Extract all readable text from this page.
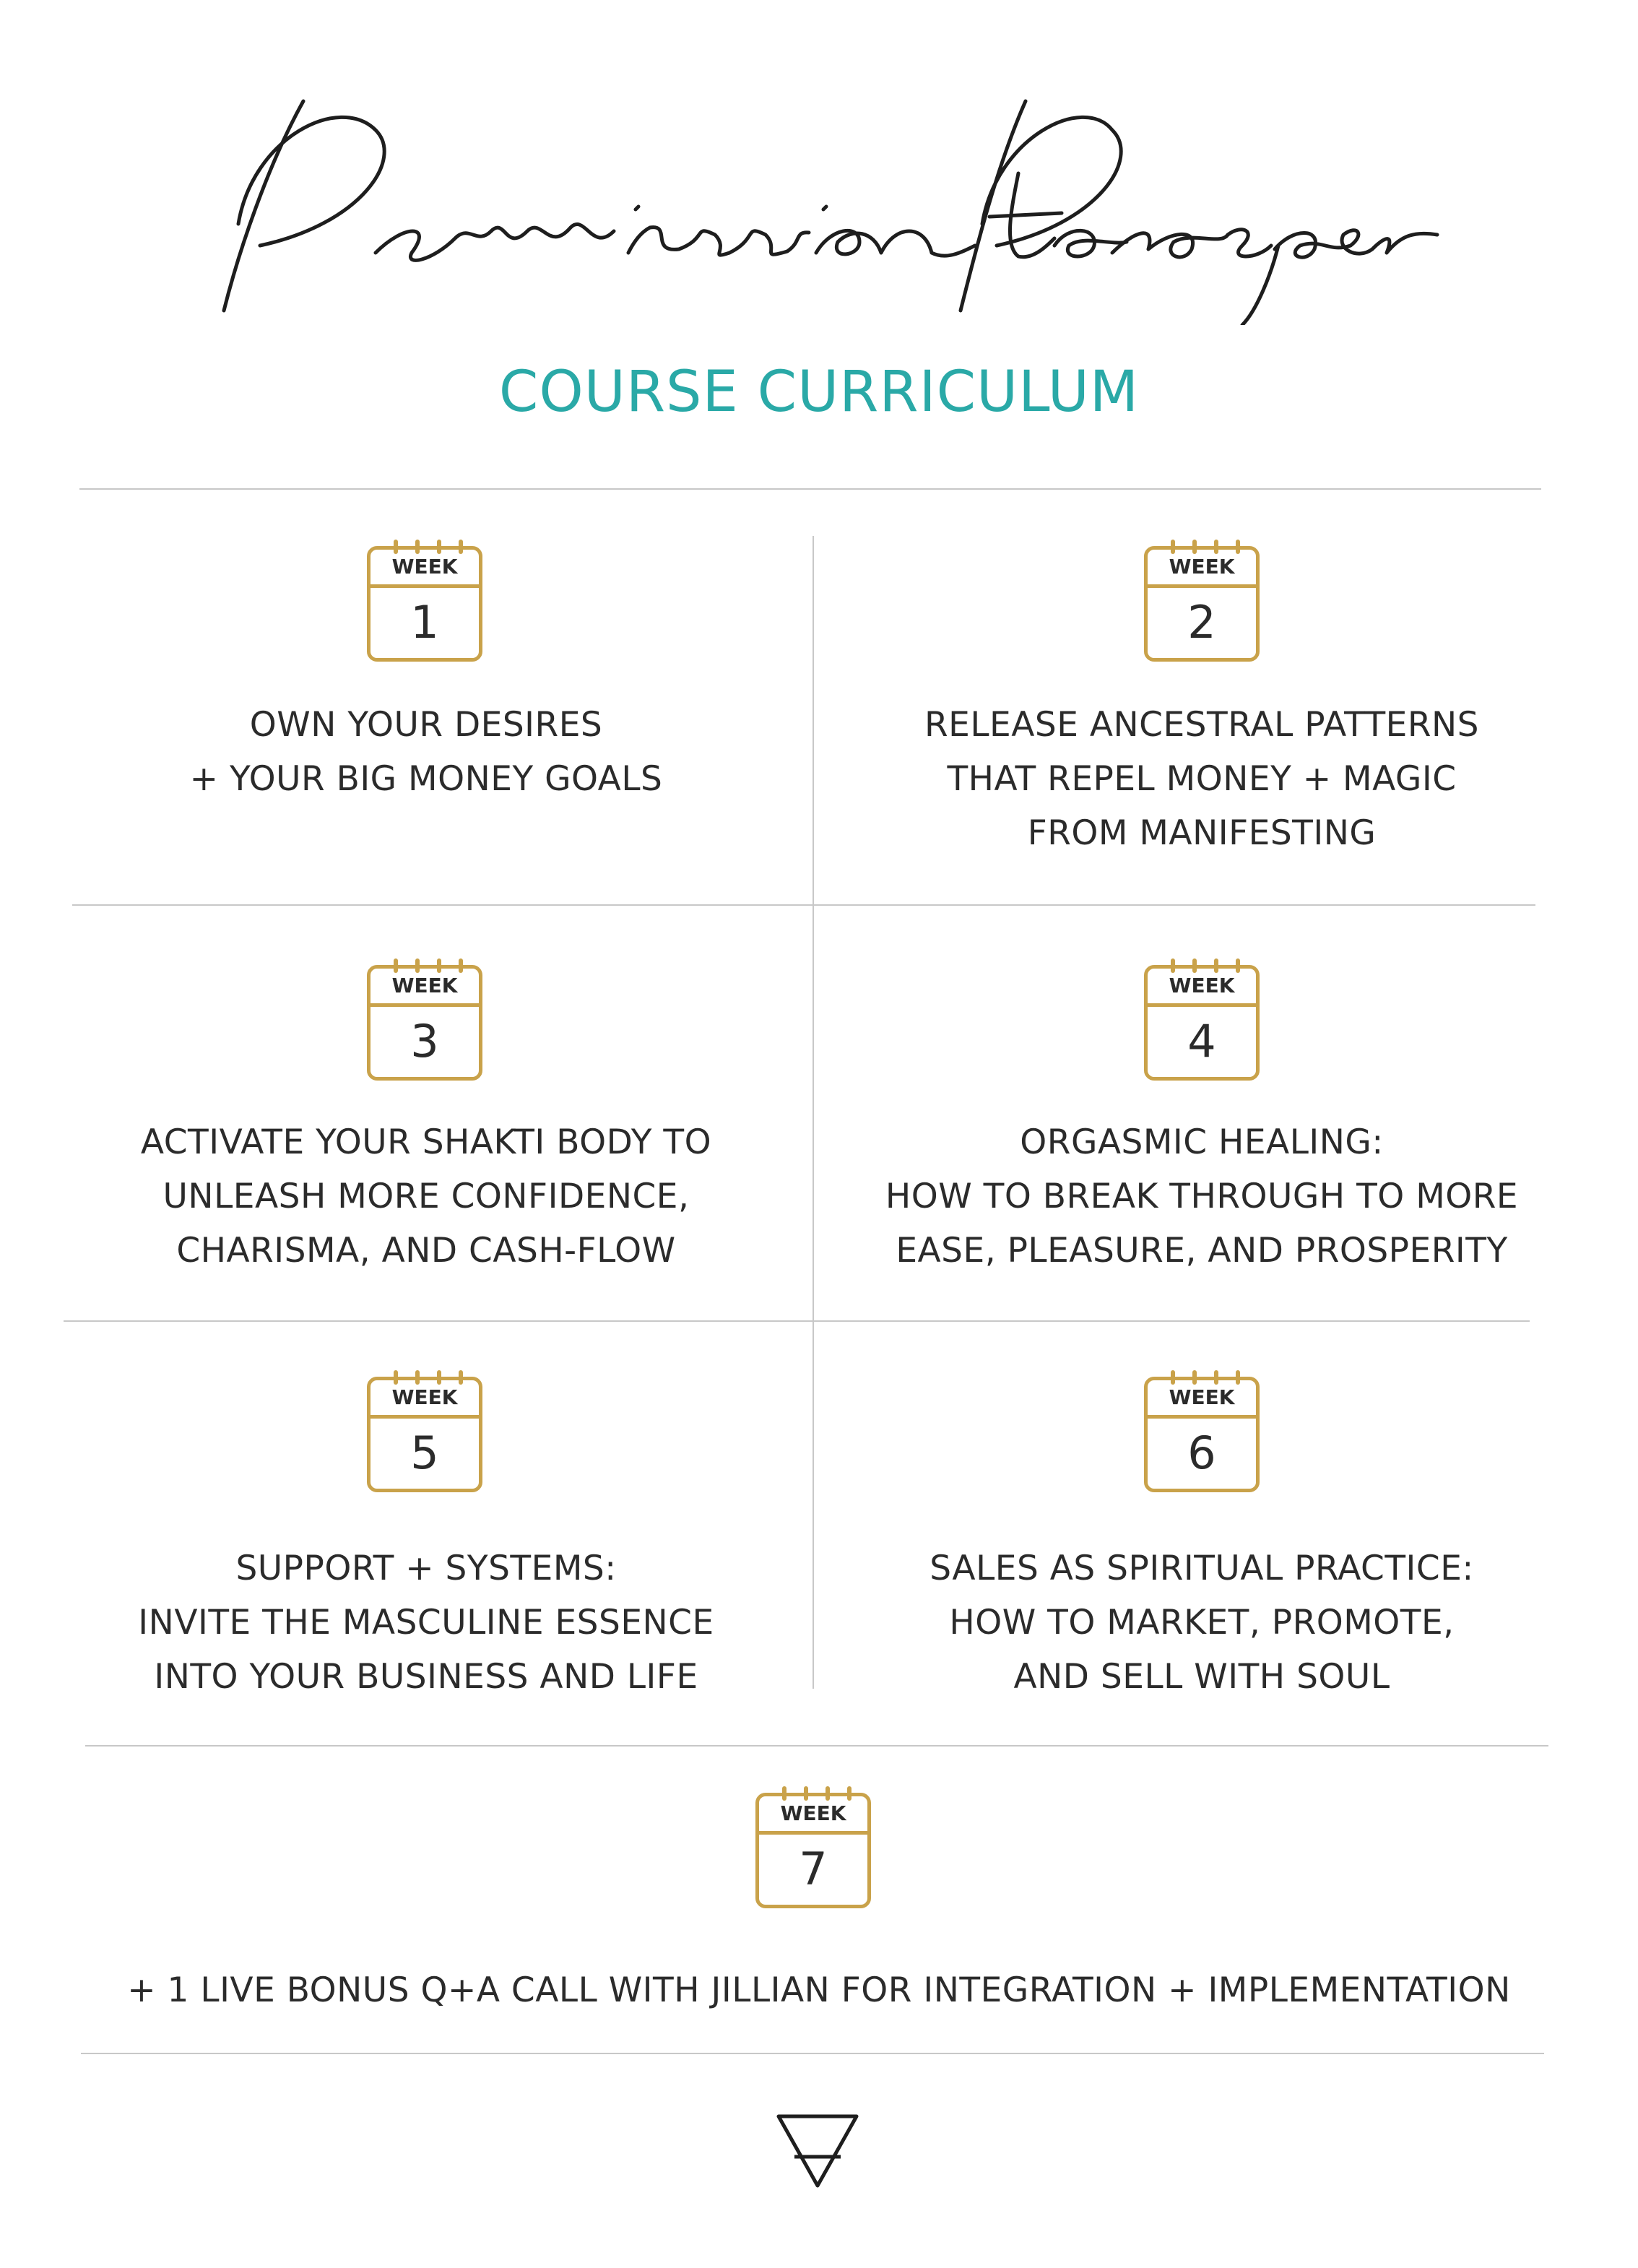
Permission to Prosper
COURSE CURRICULUM
WEEK
1
OWN YOUR DESIRES
+ YOUR BIG MONEY GOALS
WEEK
2
RELEASE ANCESTRAL PATTERNS
THAT REPEL MONEY + MAGIC
FROM MANIFESTING
WEEK
3
ACTIVATE YOUR SHAKTI BODY TO
UNLEASH MORE CONFIDENCE,
CHARISMA, AND CASH-FLOW
WEEK
4
ORGASMIC HEALING:
HOW TO BREAK THROUGH TO MORE
EASE, PLEASURE, AND PROSPERITY
WEEK
5
SUPPORT + SYSTEMS:
INVITE THE MASCULINE ESSENCE
INTO YOUR BUSINESS AND LIFE
WEEK
6
SALES AS SPIRITUAL PRACTICE:
HOW TO MARKET, PROMOTE,
AND SELL WITH SOUL
WEEK
7
+ 1 LIVE BONUS Q+A CALL WITH JILLIAN FOR INTEGRATION + IMPLEMENTATION
